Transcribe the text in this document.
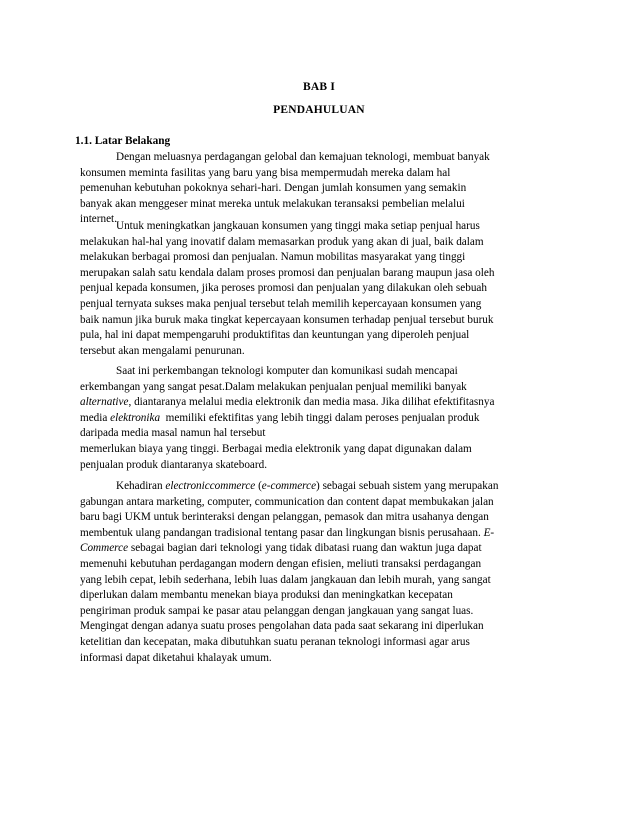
BAB I
PENDAHULUAN
1.1. Latar Belakang
Dengan meluasnya perdagangan gelobal dan kemajuan teknologi, membuat banyak
konsumen meminta fasilitas yang baru yang bisa mempermudah mereka dalam hal
pemenuhan kebutuhan pokoknya sehari-hari. Dengan jumlah konsumen yang semakin
banyak akan menggeser minat mereka untuk melakukan teransaksi pembelian melalui
internet.
Untuk meningkatkan jangkauan konsumen yang tinggi maka setiap penjual harus
melakukan hal-hal yang inovatif dalam memasarkan produk yang akan di jual, baik dalam
melakukan berbagai promosi dan penjualan. Namun mobilitas masyarakat yang tinggi
merupakan salah satu kendala dalam proses promosi dan penjualan barang maupun jasa oleh
penjual kepada konsumen, jika peroses promosi dan penjualan yang dilakukan oleh sebuah
penjual ternyata sukses maka penjual tersebut telah memilih kepercayaan konsumen yang
baik namun jika buruk maka tingkat kepercayaan konsumen terhadap penjual tersebut buruk
pula, hal ini dapat mempengaruhi produktifitas dan keuntungan yang diperoleh penjual
tersebut akan mengalami penurunan.
Saat ini perkembangan teknologi komputer dan komunikasi sudah mencapai
erkembangan yang sangat pesat.Dalam melakukan penjualan penjual memiliki banyak
alternative, diantaranya melalui media elektronik dan media masa. Jika dilihat efektifitasnya
media elektronika  memiliki efektifitas yang lebih tinggi dalam peroses penjualan produk
daripada media masal namun hal tersebut
memerlukan biaya yang tinggi. Berbagai media elektronik yang dapat digunakan dalam
penjualan produk diantaranya skateboard.
Kehadiran electroniccommerce (e-commerce) sebagai sebuah sistem yang merupakan
gabungan antara marketing, computer, communication dan content dapat membukakan jalan
baru bagi UKM untuk berinteraksi dengan pelanggan, pemasok dan mitra usahanya dengan
membentuk ulang pandangan tradisional tentang pasar dan lingkungan bisnis perusahaan. E-
Commerce sebagai bagian dari teknologi yang tidak dibatasi ruang dan waktun juga dapat
memenuhi kebutuhan perdagangan modern dengan efisien, meliuti transaksi perdagangan
yang lebih cepat, lebih sederhana, lebih luas dalam jangkauan dan lebih murah, yang sangat
diperlukan dalam membantu menekan biaya produksi dan meningkatkan kecepatan
pengiriman produk sampai ke pasar atau pelanggan dengan jangkauan yang sangat luas.
Mengingat dengan adanya suatu proses pengolahan data pada saat sekarang ini diperlukan
ketelitian dan kecepatan, maka dibutuhkan suatu peranan teknologi informasi agar arus
informasi dapat diketahui khalayak umum.
